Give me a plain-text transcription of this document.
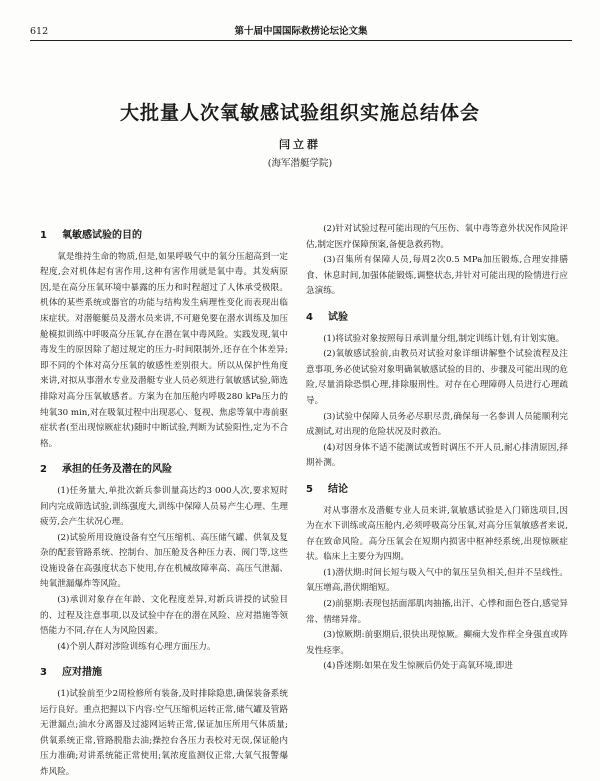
612	第十届中国国际救捞论坛论文集
大批量人次氧敏感试验组织实施总结体会
闫立群
(海军潜艇学院)
1 氧敏感试验的目的

氧是维持生命的物质,但是,如果呼吸气中的氧分压超高到一定程度,会对机体起有害作用,这种有害作用就是氧中毒。其发病原因,是在高分压氧环境中暴露的压力和时程超过了人体承受极限。机体的某些系统或器官的功能与结构发生病理性变化而表现出临床症状。对潜艇艇员及潜水员来讲,不可避免要在潜水训练及加压舱模拟训练中呼吸高分压氧,存在潜在氧中毒风险。实践发现,氧中毒发生的原因除了超过规定的压力-时间限制外,还存在个体差异;即不同的个体对高分压氧的敏感性差别很大。所以从保护性角度来讲,对拟从事潜水专业及潜艇专业人员必须进行氧敏感试验,筛选排除对高分压氧敏感者。方案为在加压舱内呼吸280 kPa压力的纯氧30 min,对在吸氧过程中出现恶心、复视、焦虑等氧中毒前驱症状者(至出现惊厥症状)随时中断试验,判断为试验阳性,定为不合格。

2 承担的任务及潜在的风险

(1)任务量大,单批次新兵参训量高达约3 000人次,要求短时间内完成筛选试验,训练强度大,训练中保障人员易产生心理、生理疲劳,会产生状况心理。

(2)试验所用设施设备有空气压缩机、高压储气罐、供氧及复杂的配套管路系统、控制台、加压舱及各种压力表、阀门等,这些设施设备在高强度状态下使用,存在机械故障率高、高压气泄漏、纯氧泄漏爆炸等风险。

(3)承训对象存在年龄、文化程度差异,对新兵讲授的试验目的、过程及注意事项,以及试验中存在的潜在风险、应对措施等领悟能力不同,存在人为风险因素。

(4)个别人群对涉险训练有心理方面压力。

3 应对措施

(1)试验前至少2周检修所有装备,及时排除隐患,确保装备系统运行良好。重点把握以下内容:空气压缩机运转正常,储气罐及管路无泄漏点;油水分离器及过滤网运转正常,保证加压所用气体质量;供氧系统正常,管路脱脂去油;操控台各压力表校对无误,保证舱内压力准确;对讲系统能正常使用;氧浓度监测仪正常,大氧气报警爆炸风险。

(2)针对试验过程可能出现的气压伤、氧中毒等意外状况作风险评估,制定医疗保障预案,备便急救药物。

(3)召集所有保障人员,每周2次0.5 MPa加压锻炼,合理安排膳食、休息时间,加强体能锻炼,调整状态,并针对可能出现的险情进行应急演练。

4 试验

(1)将试验对象按照每日承训量分组,制定训练计划,有计划实施。

(2)氧敏感试验前,由教员对试验对象详细讲解整个试验流程及注意事项,务必使试验对象明确氧敏感试验的目的、步骤及可能出现的危险,尽量消除恐惧心理,排除服刑性。对存在心理障碍人员进行心理疏导。

(3)试验中保障人员务必尽职尽责,确保每一名参训人员能顺利完成测试,对出现的危险状况及时救治。

(4)对因身体不适不能测试或暂时调压不开人员,耐心排清原因,择期补测。

5 结论

对从事潜水及潜艇专业人员来讲,氧敏感试验是入门筛选项目,因为在水下训练或高压舱内,必须呼吸高分压氧,对高分压氧敏感者来说,存在致命风险。高分压氧会在短期内损害中枢神经系统,出现惊厥症状。临床上主要分为四期。

(1)潜伏期:时间长短与吸入气中的氧压呈负相关,但并不呈线性。氧压增高,潜伏期缩短。

(2)前驱期:表现包括面部肌肉抽搐,出汗、心悸和面色苍白,感觉异常、情绪异常。

(3)惊厥期:前驱期后,很快出现惊厥。癫痫大发作样全身强直或阵发性痉挛。

(4)昏迷期:如果在发生惊厥后仍处于高氧环境,即进
